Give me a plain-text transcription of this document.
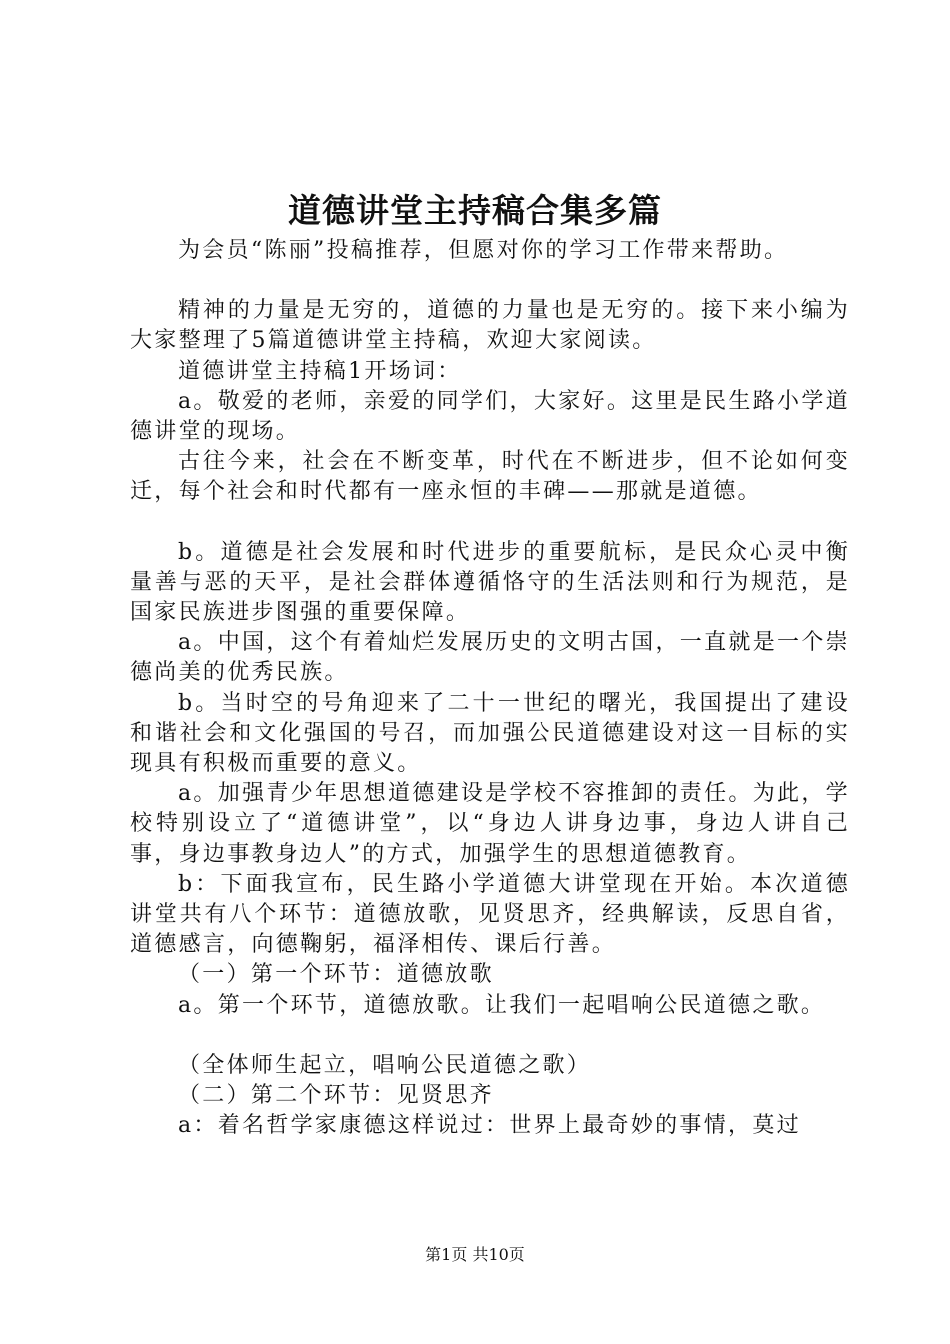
道德讲堂主持稿合集多篇

为会员“陈丽”投稿推荐，但愿对你的学习工作带来帮助。

精神的力量是无穷的，道德的力量也是无穷的。接下来小编为大家整理了5篇道德讲堂主持稿，欢迎大家阅读。

道德讲堂主持稿1开场词：

a。敬爱的老师，亲爱的同学们，大家好。这里是民生路小学道德讲堂的现场。

古往今来，社会在不断变革，时代在不断进步，但不论如何变迁，每个社会和时代都有一座永恒的丰碑——那就是道德。

b。道德是社会发展和时代进步的重要航标，是民众心灵中衡量善与恶的天平，是社会群体遵循恪守的生活法则和行为规范，是国家民族进步图强的重要保障。

a。中国，这个有着灿烂发展历史的文明古国，一直就是一个崇德尚美的优秀民族。

b。当时空的号角迎来了二十一世纪的曙光，我国提出了建设和谐社会和文化强国的号召，而加强公民道德建设对这一目标的实现具有积极而重要的意义。

a。加强青少年思想道德建设是学校不容推卸的责任。为此，学校特别设立了“道德讲堂”，以“身边人讲身边事，身边人讲自己事，身边事教身边人”的方式，加强学生的思想道德教育。

b：下面我宣布，民生路小学道德大讲堂现在开始。本次道德讲堂共有八个环节：道德放歌，见贤思齐，经典解读，反思自省，道德感言，向德鞠躬，福泽相传、课后行善。

（一）第一个环节：道德放歌

a。第一个环节，道德放歌。让我们一起唱响公民道德之歌。

（全体师生起立，唱响公民道德之歌）

（二）第二个环节：见贤思齐

a：着名哲学家康德这样说过：世界上最奇妙的事情，莫过

第1页 共10页
